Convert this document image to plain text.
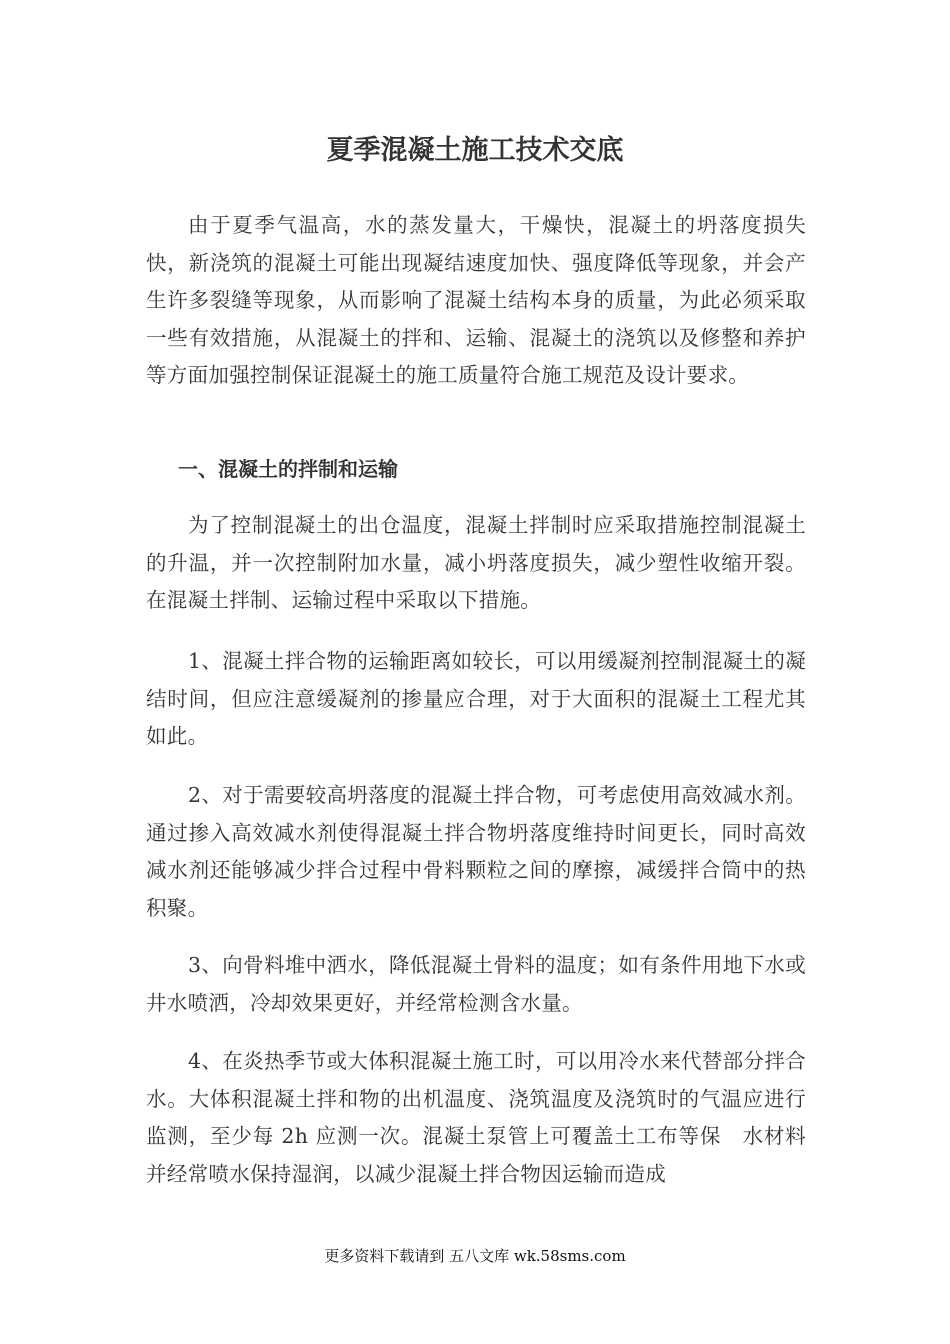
夏季混凝土施工技术交底

由于夏季气温高，水的蒸发量大，干燥快，混凝土的坍落度损失快，新浇筑的混凝土可能出现凝结速度加快、强度降低等现象，并会产生许多裂缝等现象，从而影响了混凝土结构本身的质量，为此必须采取一些有效措施，从混凝土的拌和、运输、混凝土的浇筑以及修整和养护等方面加强控制保证混凝土的施工质量符合施工规范及设计要求。

一、混凝土的拌制和运输

为了控制混凝土的出仓温度，混凝土拌制时应采取措施控制混凝土的升温，并一次控制附加水量，减小坍落度损失，减少塑性收缩开裂。在混凝土拌制、运输过程中采取以下措施。

1、混凝土拌合物的运输距离如较长，可以用缓凝剂控制混凝土的凝结时间，但应注意缓凝剂的掺量应合理，对于大面积的混凝土工程尤其如此。

2、对于需要较高坍落度的混凝土拌合物，可考虑使用高效减水剂。通过掺入高效减水剂使得混凝土拌合物坍落度维持时间更长，同时高效减水剂还能够减少拌合过程中骨料颗粒之间的摩擦，减缓拌合筒中的热积聚。

3、向骨料堆中洒水，降低混凝土骨料的温度；如有条件用地下水或井水喷洒，冷却效果更好，并经常检测含水量。

4、在炎热季节或大体积混凝土施工时，可以用冷水来代替部分拌合水。大体积混凝土拌和物的出机温度、浇筑温度及浇筑时的气温应进行监测，至少每 2h 应测一次。混凝土泵管上可覆盖土工布等保　水材料并经常喷水保持湿润，以减少混凝土拌合物因运输而造成

更多资料下载请到 五八文库 wk.58sms.com
